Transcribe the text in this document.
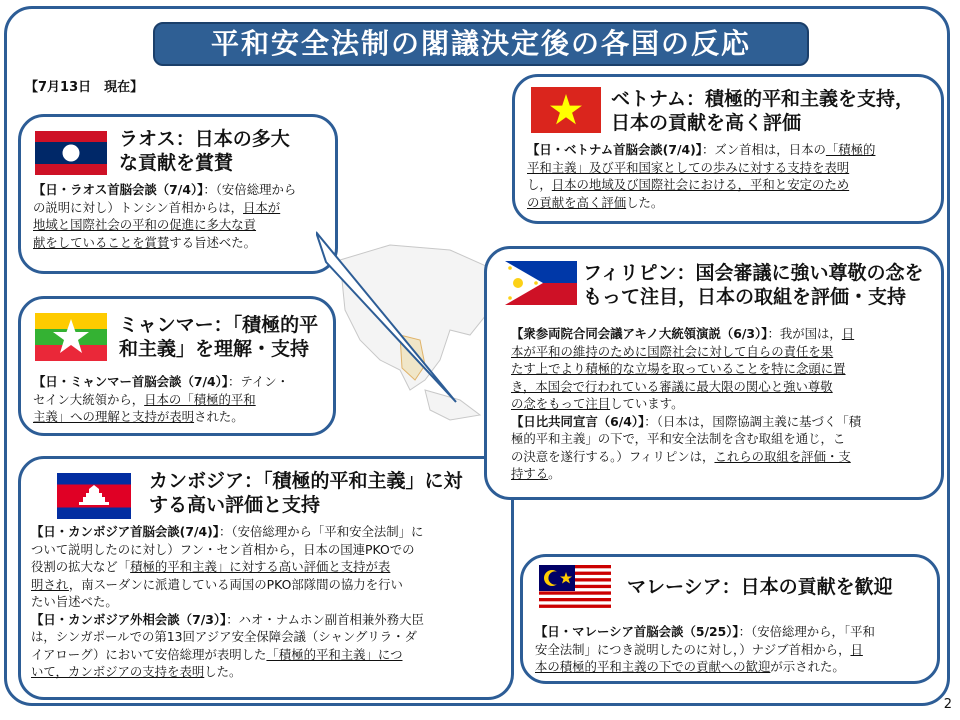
平和安全法制の閣議決定後の各国の反応
【7月13日　現在】
ラオス：日本の多大
な貢献を賞賛
【日・ラオス首脳会談（7/4）】：（安倍総理から
の説明に対し）トンシン首相からは，日本が
地域と国際社会の平和の促進に多大な貢
献をしていることを賞賛する旨述べた。
ミャンマー：「積極的平
和主義」を理解・支持
【日・ミャンマー首脳会談（7/4）】：テイン・
セイン大統領から，日本の「積極的平和
主義」への理解と支持が表明された。
カンボジア：「積極的平和主義」に対
する高い評価と支持
【日・カンボジア首脳会談(7/4)】：（安倍総理から「平和安全法制」に
ついて説明したのに対し）フン・セン首相から，日本の国連PKOでの
役割の拡大など「積極的平和主義」に対する高い評価と支持が表
明され，南スーダンに派遣している両国のPKO部隊間の協力を行い
たい旨述べた。
【日・カンボジア外相会談（7/3）】：ハオ・ナムホン副首相兼外務大臣
は，シンガポールでの第13回アジア安全保障会議（シャングリラ・ダ
イアローグ）において安倍総理が表明した「積極的平和主義」につ
いて，カンボジアの支持を表明した。
ベトナム：積極的平和主義を支持，
日本の貢献を高く評価
【日・ベトナム首脳会談(7/4)】：ズン首相は，日本の「積極的
平和主義」及び平和国家としての歩みに対する支持を表明
し，日本の地域及び国際社会における，平和と安定のため
の貢献を高く評価した。
フィリピン：国会審議に強い尊敬の念を
もって注目，日本の取組を評価・支持
【衆参両院合同会議アキノ大統領演説（6/3）】：我が国は，日
本が平和の維持のために国際社会に対して自らの責任を果
たす上でより積極的な立場を取っていることを特に念頭に置
き，本国会で行われている審議に最大限の関心と強い尊敬
の念をもって注目しています。
【日比共同宣言（6/4）】：（日本は，国際協調主義に基づく「積
極的平和主義」の下で，平和安全法制を含む取組を通じ，こ
の決意を遂行する。）フィリピンは，これらの取組を評価・支
持する。
マレーシア：日本の貢献を歓迎
【日・マレーシア首脳会談（5/25）】：（安倍総理から，「平和
安全法制」につき説明したのに対し，）ナジブ首相から，日
本の積極的平和主義の下での貢献への歓迎が示された。
2
